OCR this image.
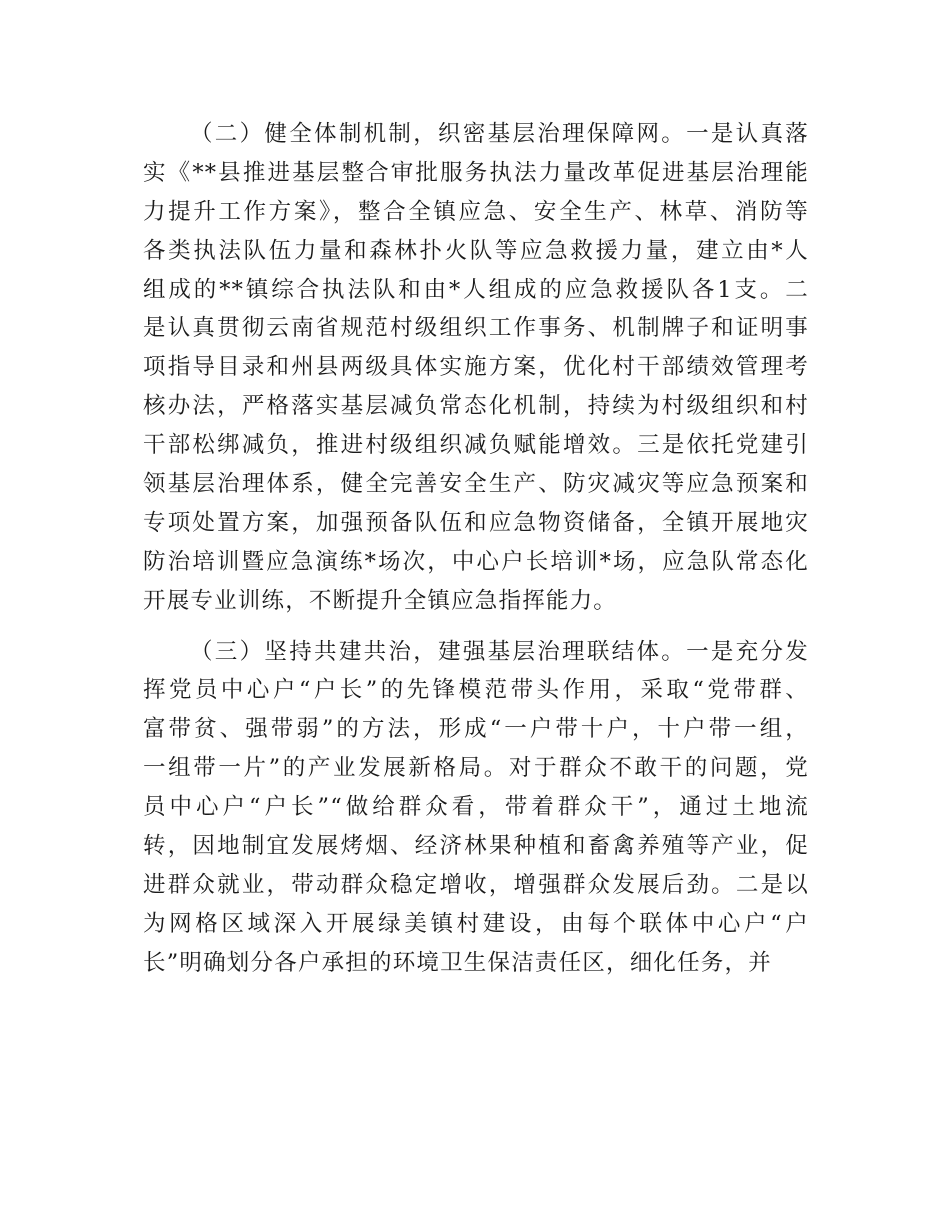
（二）健全体制机制，织密基层治理保障网。一是认真落
实《**县推进基层整合审批服务执法力量改革促进基层治理能
力提升工作方案》，整合全镇应急、安全生产、林草、消防等
各类执法队伍力量和森林扑火队等应急救援力量，建立由*人
组成的**镇综合执法队和由*人组成的应急救援队各1支。二
是认真贯彻云南省规范村级组织工作事务、机制牌子和证明事
项指导目录和州县两级具体实施方案，优化村干部绩效管理考
核办法，严格落实基层减负常态化机制，持续为村级组织和村
干部松绑减负，推进村级组织减负赋能增效。三是依托党建引
领基层治理体系，健全完善安全生产、防灾减灾等应急预案和
专项处置方案，加强预备队伍和应急物资储备，全镇开展地灾
防治培训暨应急演练*场次，中心户长培训*场，应急队常态化
开展专业训练，不断提升全镇应急指挥能力。
（三）坚持共建共治，建强基层治理联结体。一是充分发
挥党员中心户“户长”的先锋模范带头作用，采取“党带群、
富带贫、强带弱”的方法，形成“一户带十户，十户带一组，
一组带一片”的产业发展新格局。对于群众不敢干的问题，党
员中心户“户长”“做给群众看，带着群众干”，通过土地流
转，因地制宜发展烤烟、经济林果种植和畜禽养殖等产业，促
进群众就业，带动群众稳定增收，增强群众发展后劲。二是以
为网格区域深入开展绿美镇村建设，由每个联体中心户“户
长”明确划分各户承担的环境卫生保洁责任区，细化任务，并
